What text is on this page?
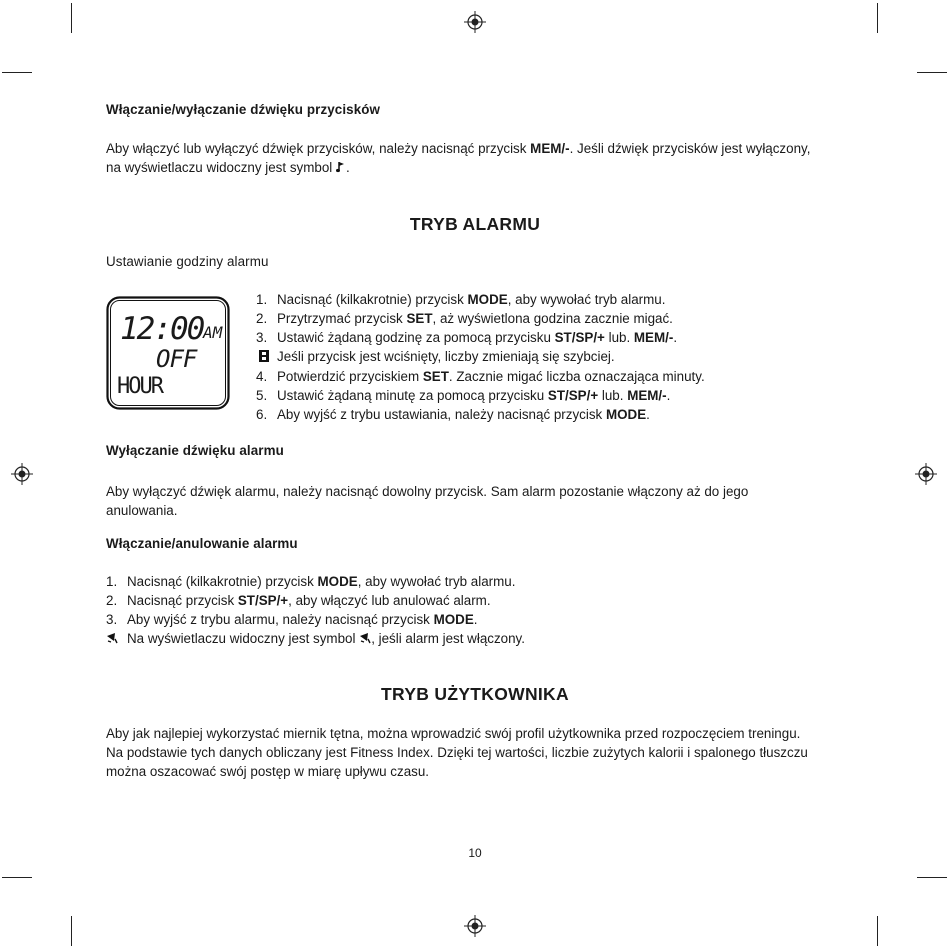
Włączanie/wyłączanie dźwięku przycisków
Aby włączyć lub wyłączyć dźwięk przycisków, należy nacisnąć przycisk MEM/-. Jeśli dźwięk przycisków jest wyłączony,
na wyświetlaczu widoczny jest symbol .
TRYB ALARMU
Ustawianie godziny alarmu
12:00 AM
OFF
HOUR
1. Nacisnąć (kilkakrotnie) przycisk MODE, aby wywołać tryb alarmu.
2. Przytrzymać przycisk SET, aż wyświetlona godzina zacznie migać.
3. Ustawić żądaną godzinę za pomocą przycisku ST/SP/+ lub. MEM/-.
Jeśli przycisk jest wciśnięty, liczby zmieniają się szybciej.
4. Potwierdzić przyciskiem SET. Zacznie migać liczba oznaczająca minuty.
5. Ustawić żądaną minutę za pomocą przycisku ST/SP/+ lub. MEM/-.
6. Aby wyjść z trybu ustawiania, należy nacisnąć przycisk MODE.
Wyłączanie dźwięku alarmu
Aby wyłączyć dźwięk alarmu, należy nacisnąć dowolny przycisk. Sam alarm pozostanie włączony aż do jego
anulowania.
Włączanie/anulowanie alarmu
1. Nacisnąć (kilkakrotnie) przycisk MODE, aby wywołać tryb alarmu.
2. Nacisnąć przycisk ST/SP/+, aby włączyć lub anulować alarm.
3. Aby wyjść z trybu alarmu, należy nacisnąć przycisk MODE.
Na wyświetlaczu widoczny jest symbol , jeśli alarm jest włączony.
TRYB UŻYTKOWNIKA
Aby jak najlepiej wykorzystać miernik tętna, można wprowadzić swój profil użytkownika przed rozpoczęciem treningu.
Na podstawie tych danych obliczany jest Fitness Index. Dzięki tej wartości, liczbie zużytych kalorii i spalonego tłuszczu
można oszacować swój postęp w miarę upływu czasu.
10
